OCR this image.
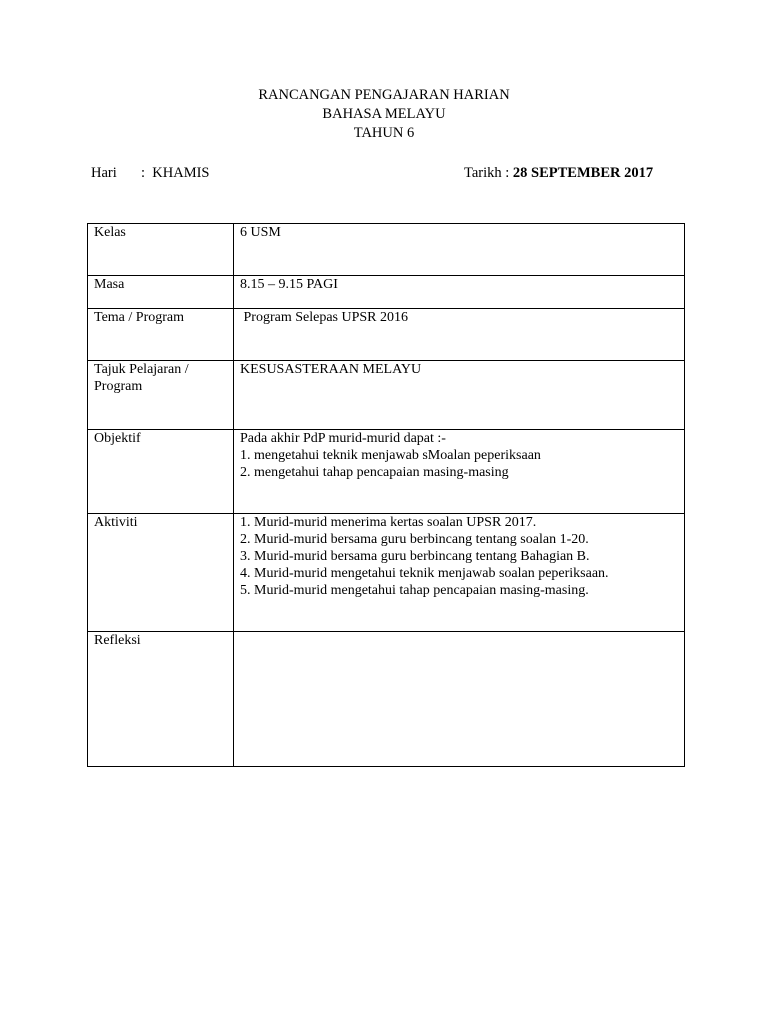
RANCANGAN PENGAJARAN HARIAN
BAHASA MELAYU
TAHUN 6
Hari :  KHAMIS	Tarikh : 28 SEPTEMBER 2017
Kelas	6 USM
Masa	8.15 – 9.15 PAGI
Tema / Program	Program Selepas UPSR 2016

Tajuk Pelajaran /
Program	KESUSASTERAAN MELAYU
Objektif	Pada akhir PdP murid-murid dapat :-
1. mengetahui teknik menjawab sMoalan peperiksaan
2. mengetahui tahap pencapaian masing-masing

Aktiviti	1. Murid-murid menerima kertas soalan UPSR 2017.
2. Murid-murid bersama guru berbincang tentang soalan 1-20.
3. Murid-murid bersama guru berbincang tentang Bahagian B.
4. Murid-murid mengetahui teknik menjawab soalan peperiksaan.
5. Murid-murid mengetahui tahap pencapaian masing-masing.

Refleksi	
